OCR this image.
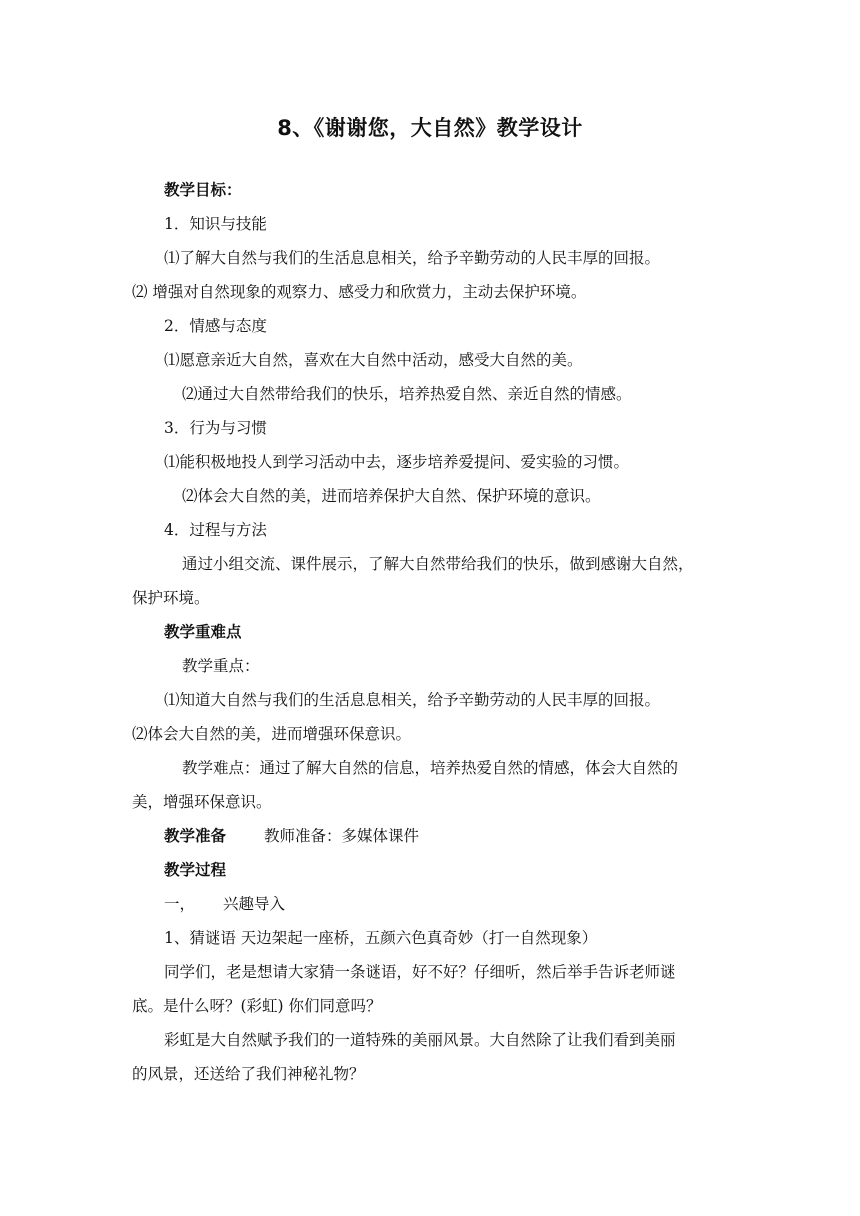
8、《谢谢您，大自然》教学设计
教学目标：
1．知识与技能
⑴了解大自然与我们的生活息息相关，给予辛勤劳动的人民丰厚的回报。
⑵ 增强对自然现象的观察力、感受力和欣赏力，主动去保护环境。
2．情感与态度
⑴愿意亲近大自然，喜欢在大自然中活动，感受大自然的美。
⑵通过大自然带给我们的快乐，培养热爱自然、亲近自然的情感。
3．行为与习惯
⑴能积极地投人到学习活动中去，逐步培养爱提问、爱实验的习惯。
⑵体会大自然的美，进而培养保护大自然、保护环境的意识。
4．过程与方法
通过小组交流、课件展示，了解大自然带给我们的快乐，做到感谢大自然，
保护环境。
教学重难点
教学重点：
⑴知道大自然与我们的生活息息相关，给予辛勤劳动的人民丰厚的回报。
⑵体会大自然的美，进而增强环保意识。
教学难点：通过了解大自然的信息，培养热爱自然的情感，体会大自然的
美，增强环保意识。
教学准备 教师准备：多媒体课件
教学过程
一， 兴趣导入
1、猜谜语 天边架起一座桥，五颜六色真奇妙（打一自然现象）
同学们，老是想请大家猜一条谜语，好不好？仔细听，然后举手告诉老师谜
底。是什么呀？(彩虹) 你们同意吗？
彩虹是大自然赋予我们的一道特殊的美丽风景。大自然除了让我们看到美丽
的风景，还送给了我们神秘礼物？
